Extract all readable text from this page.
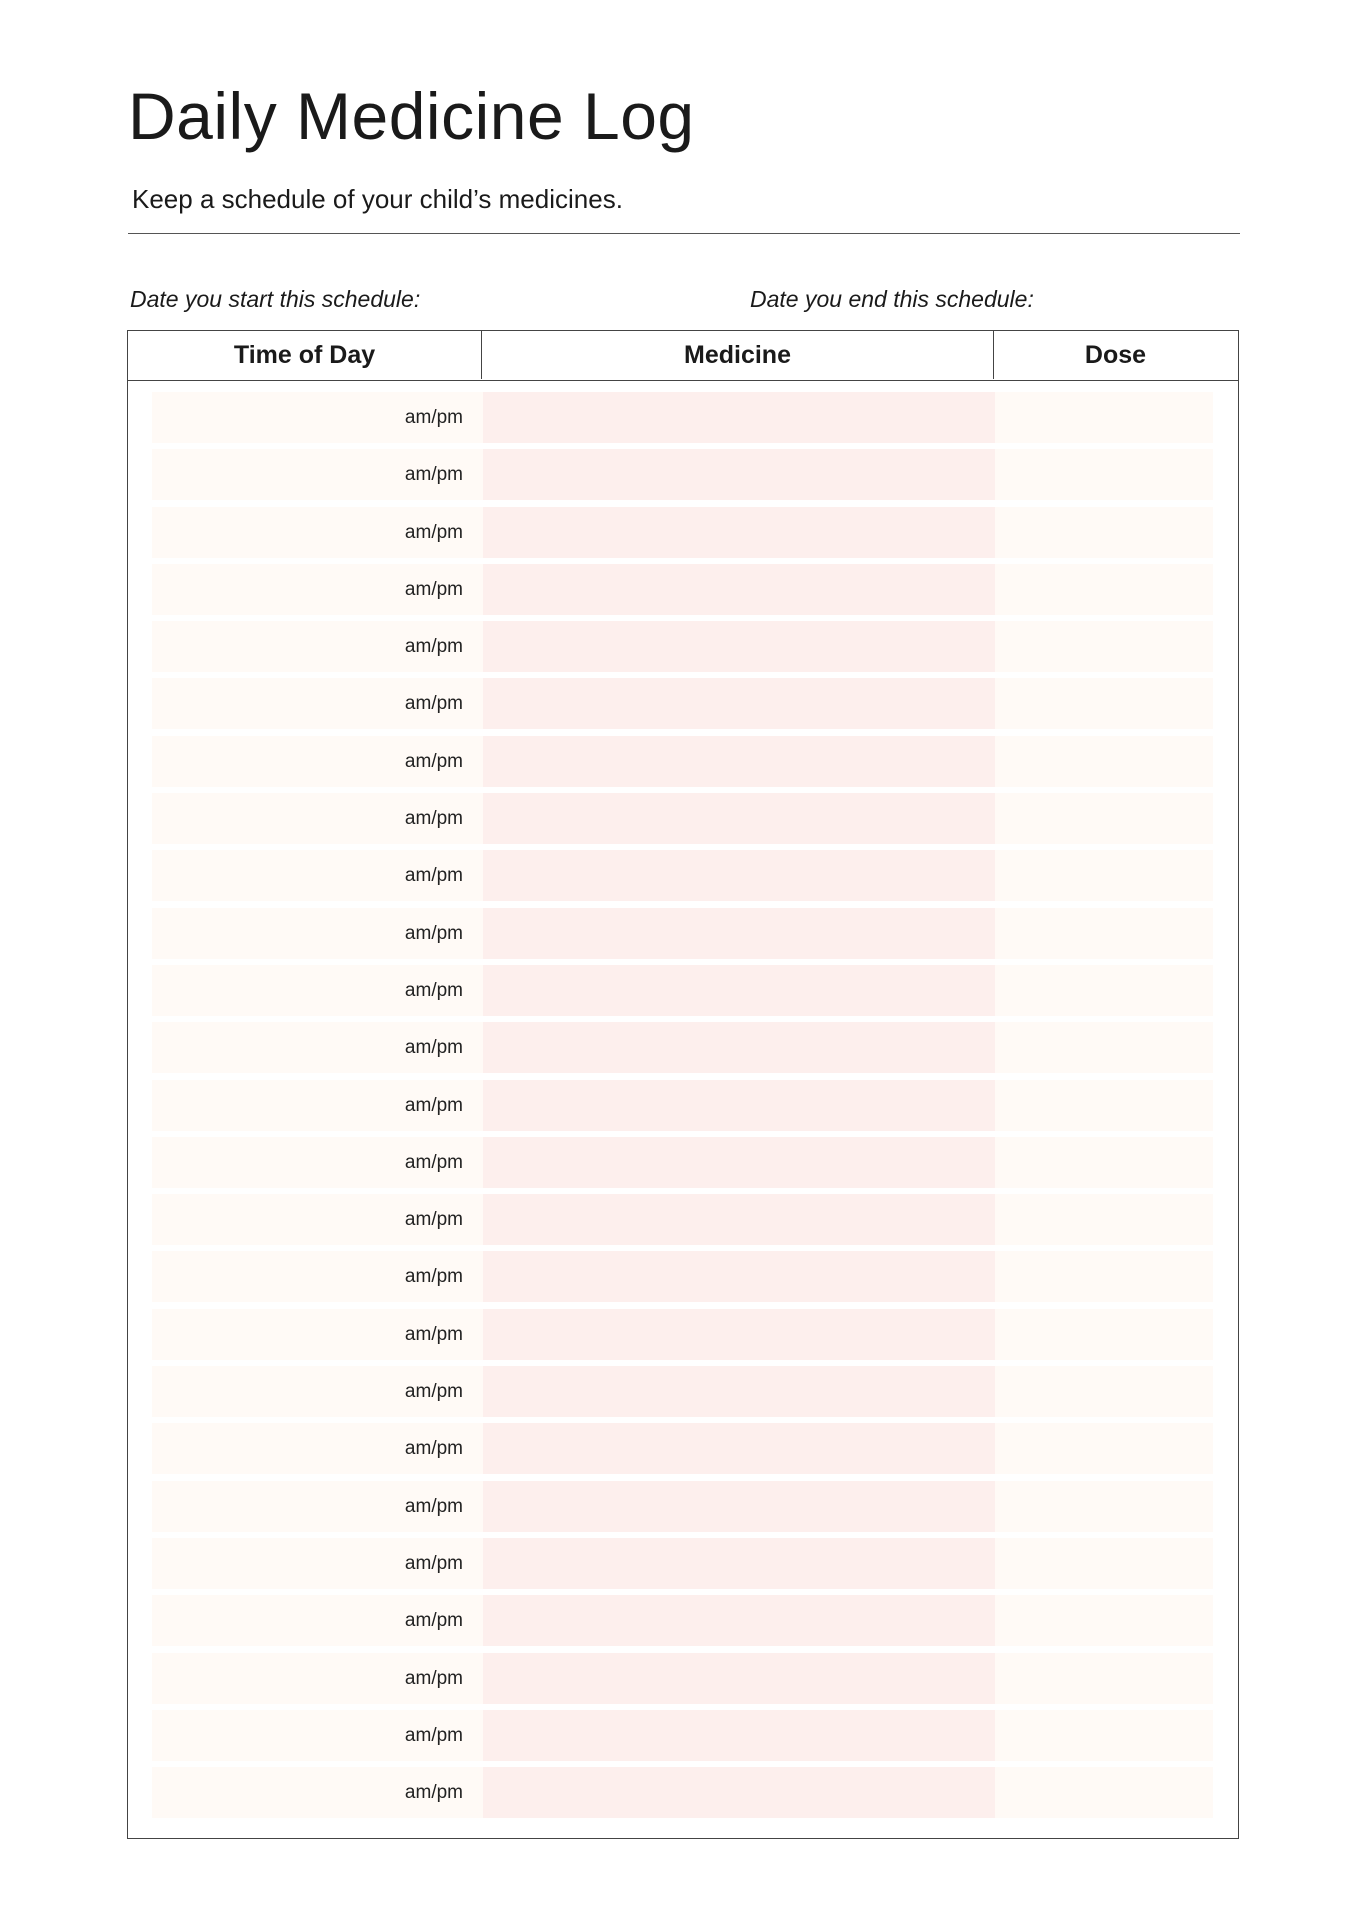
Daily Medicine Log

Keep a schedule of your child’s medicines.

Date you start this schedule:	Date you end this schedule:
Time of Day	Medicine	Dose
am/pm
am/pm
am/pm
am/pm
am/pm
am/pm
am/pm
am/pm
am/pm
am/pm
am/pm
am/pm
am/pm
am/pm
am/pm
am/pm
am/pm
am/pm
am/pm
am/pm
am/pm
am/pm
am/pm
am/pm
am/pm
